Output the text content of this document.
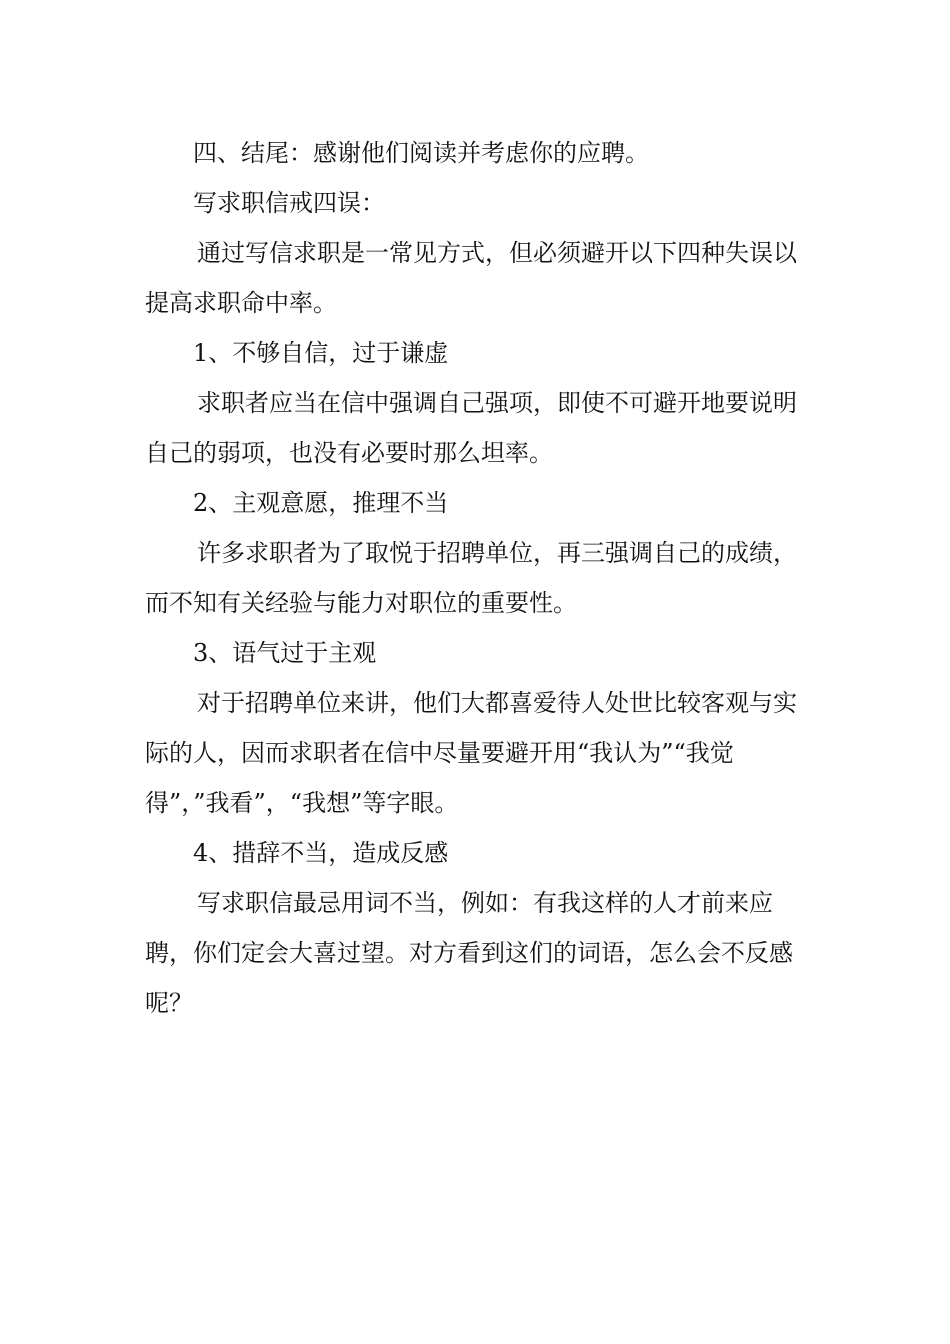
四、结尾：感谢他们阅读并考虑你的应聘。

写求职信戒四误：

通过写信求职是一常见方式，但必须避开以下四种失误以提高求职命中率。

1、不够自信，过于谦虚

求职者应当在信中强调自己强项，即使不可避开地要说明自己的弱项，也没有必要时那么坦率。

2、主观意愿，推理不当

许多求职者为了取悦于招聘单位，再三强调自己的成绩，而不知有关经验与能力对职位的重要性。

3、语气过于主观

对于招聘单位来讲，他们大都喜爱待人处世比较客观与实际的人，因而求职者在信中尽量要避开用“我认为”“我觉得”，”我看”，“我想”等字眼。

4、措辞不当，造成反感

写求职信最忌用词不当，例如：有我这样的人才前来应聘，你们定会大喜过望。对方看到这们的词语，怎么会不反感呢？
